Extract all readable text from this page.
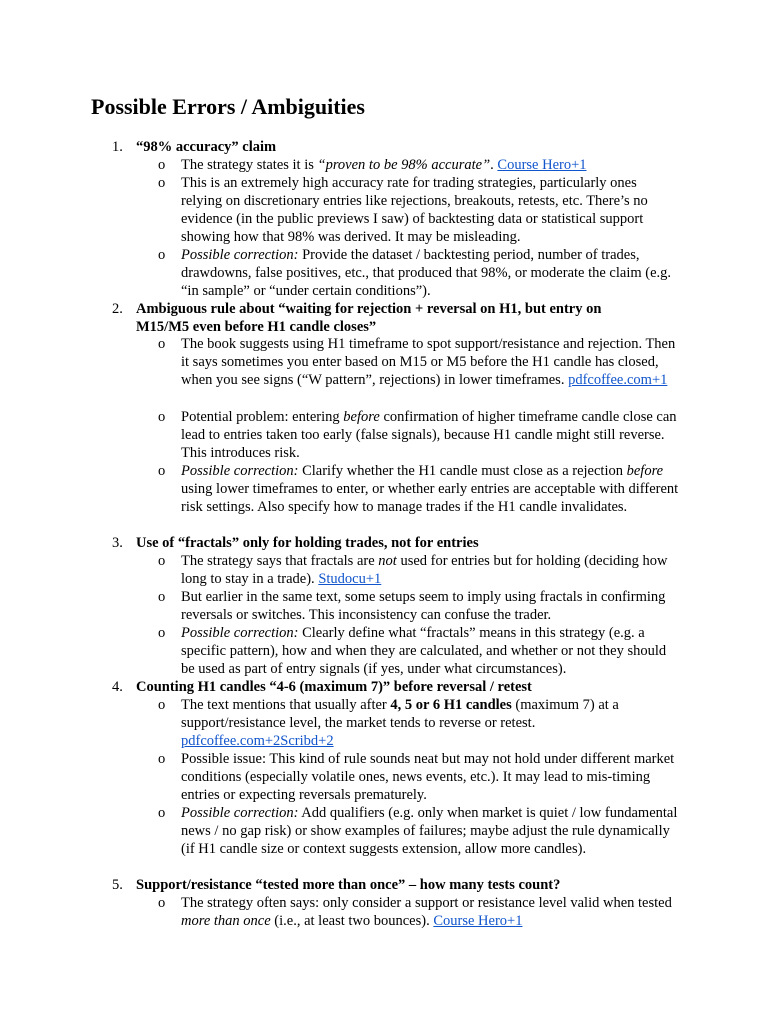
Possible Errors / Ambiguities
1. “98% accuracy” claim
o The strategy states it is “proven to be 98% accurate”. Course Hero+1
o This is an extremely high accuracy rate for trading strategies, particularly ones relying on discretionary entries like rejections, breakouts, retests, etc. There’s no evidence (in the public previews I saw) of backtesting data or statistical support showing how that 98% was derived. It may be misleading.
o Possible correction: Provide the dataset / backtesting period, number of trades, drawdowns, false positives, etc., that produced that 98%, or moderate the claim (e.g. “in sample” or “under certain conditions”).
2. Ambiguous rule about “waiting for rejection + reversal on H1, but entry on M15/M5 even before H1 candle closes”
o The book suggests using H1 timeframe to spot support/resistance and rejection. Then it says sometimes you enter based on M15 or M5 before the H1 candle has closed, when you see signs (“W pattern”, rejections) in lower timeframes. pdfcoffee.com+1
o Potential problem: entering before confirmation of higher timeframe candle close can lead to entries taken too early (false signals), because H1 candle might still reverse. This introduces risk.
o Possible correction: Clarify whether the H1 candle must close as a rejection before using lower timeframes to enter, or whether early entries are acceptable with different risk settings. Also specify how to manage trades if the H1 candle invalidates.
3. Use of “fractals” only for holding trades, not for entries
o The strategy says that fractals are not used for entries but for holding (deciding how long to stay in a trade). Studocu+1
o But earlier in the same text, some setups seem to imply using fractals in confirming reversals or switches. This inconsistency can confuse the trader.
o Possible correction: Clearly define what “fractals” means in this strategy (e.g. a specific pattern), how and when they are calculated, and whether or not they should be used as part of entry signals (if yes, under what circumstances).
4. Counting H1 candles “4-6 (maximum 7)” before reversal / retest
o The text mentions that usually after 4, 5 or 6 H1 candles (maximum 7) at a support/resistance level, the market tends to reverse or retest. pdfcoffee.com+2Scribd+2
o Possible issue: This kind of rule sounds neat but may not hold under different market conditions (especially volatile ones, news events, etc.). It may lead to mis-timing entries or expecting reversals prematurely.
o Possible correction: Add qualifiers (e.g. only when market is quiet / low fundamental news / no gap risk) or show examples of failures; maybe adjust the rule dynamically (if H1 candle size or context suggests extension, allow more candles).
5. Support/resistance “tested more than once” – how many tests count?
o The strategy often says: only consider a support or resistance level valid when tested more than once (i.e., at least two bounces). Course Hero+1
